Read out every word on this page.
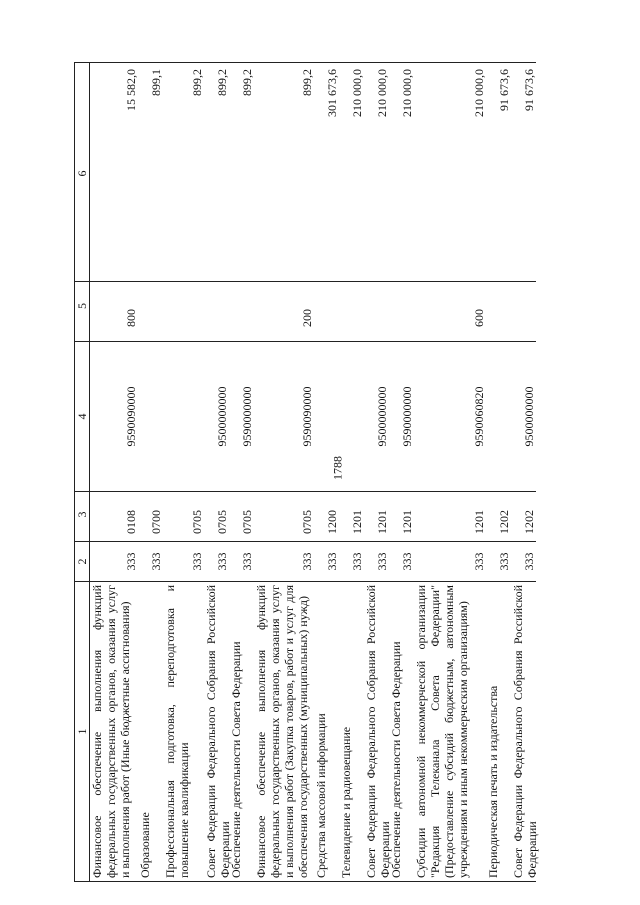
1788
1
2
3
4
5
6
Финансовое обеспечение выполнения функций федеральных государственных органов, оказания услуг и выполнения работ (Иные бюджетные ассигнования)
333
0108
9590090000
800
15 582,0
Образование
333
0700
899,1
Профессиональная подготовка, переподготовка и повышение квалификации
333
0705
899,2
Совет Федерации Федерального Собрания Российской Федерации
333
0705
9500000000
899,2
Обеспечение деятельности Совета Федерации
333
0705
9590000000
899,2
Финансовое обеспечение выполнения функций федеральных государственных органов, оказания услуг и выполнения работ (Закупка товаров, работ и услуг для обеспечения государственных (муниципальных) нужд)
333
0705
9590090000
200
899,2
Средства массовой информации
333
1200
301 673,6
Телевидение и радиовещание
333
1201
210 000,0
Совет Федерации Федерального Собрания Российской Федерации
333
1201
9500000000
210 000,0
Обеспечение деятельности Совета Федерации
333
1201
9590000000
210 000,0
Субсидии автономной некоммерческой организации "Редакция Телеканала Совета Федерации" (Предоставление субсидий бюджетным, автономным учреждениям и иным некоммерческим организациям)
333
1201
9590060820
600
210 000,0
Периодическая печать и издательства
333
1202
91 673,6
Совет Федерации Федерального Собрания Российской Федерации
333
1202
9500000000
91 673,6
